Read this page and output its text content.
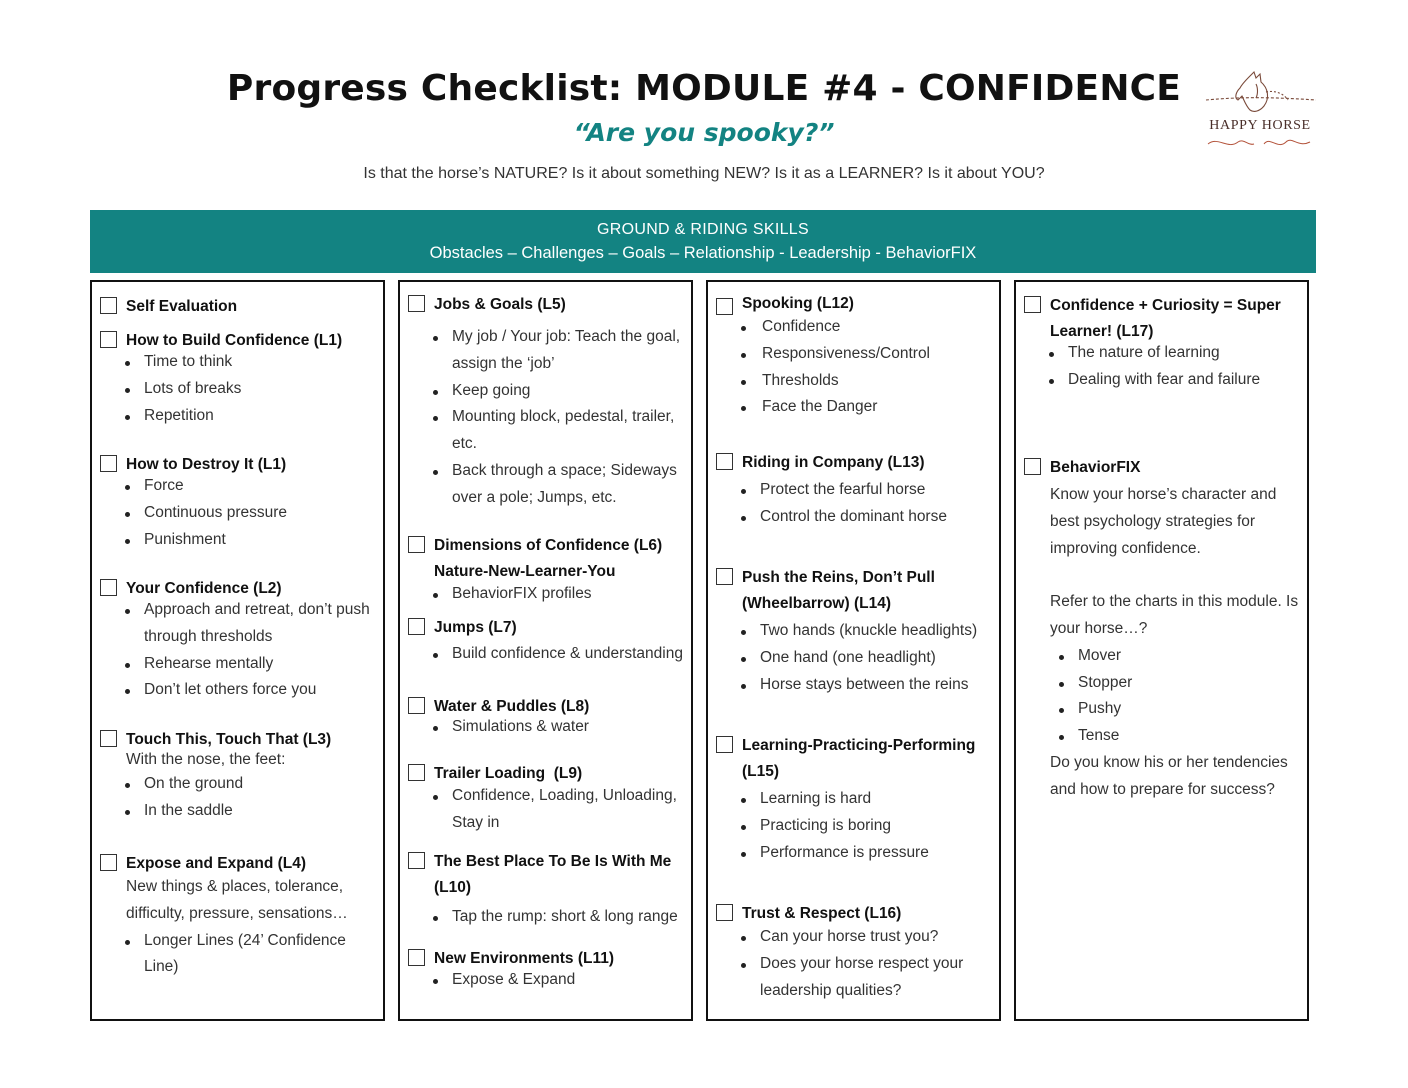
Progress Checklist: MODULE #4 - CONFIDENCE
“Are you spooky?”
Is that the horse’s NATURE? Is it about something NEW? Is it as a LEARNER? Is it about YOU?
HAPPY HORSE
GROUND & RIDING SKILLS
Obstacles – Challenges – Goals – Relationship - Leadership - BehaviorFIX
Self Evaluation
How to Build Confidence (L1)
Time to think
Lots of breaks
Repetition
How to Destroy It (L1)
Force
Continuous pressure
Punishment
Your Confidence (L2)
Approach and retreat, don’t push through thresholds
Rehearse mentally
Don’t let others force you
Touch This, Touch That (L3)
With the nose, the feet:
On the ground
In the saddle
Expose and Expand (L4)
New things & places, tolerance, difficulty, pressure, sensations…
Longer Lines (24’ Confidence Line)
Jobs & Goals (L5)
My job / Your job: Teach the goal, assign the ‘job’
Keep going
Mounting block, pedestal, trailer, etc.
Back through a space; Sideways over a pole; Jumps, etc.
Dimensions of Confidence (L6)
Nature-New-Learner-You
BehaviorFIX profiles
Jumps (L7)
Build confidence & understanding
Water & Puddles (L8)
Simulations & water
Trailer Loading  (L9)
Confidence, Loading, Unloading, Stay in
The Best Place To Be Is With Me (L10)
Tap the rump: short & long range
New Environments (L11)
Expose & Expand
Spooking (L12)
Confidence
Responsiveness/Control
Thresholds
Face the Danger
Riding in Company (L13)
Protect the fearful horse
Control the dominant horse
Push the Reins, Don’t Pull (Wheelbarrow) (L14)
Two hands (knuckle headlights)
One hand (one headlight)
Horse stays between the reins
Learning-Practicing-Performing (L15)
Learning is hard
Practicing is boring
Performance is pressure
Trust & Respect (L16)
Can your horse trust you?
Does your horse respect your leadership qualities?
Confidence + Curiosity = Super Learner! (L17)
The nature of learning
Dealing with fear and failure
BehaviorFIX
Know your horse’s character and best psychology strategies for improving confidence.
Refer to the charts in this module. Is your horse…?
Mover
Stopper
Pushy
Tense
Do you know his or her tendencies and how to prepare for success?
